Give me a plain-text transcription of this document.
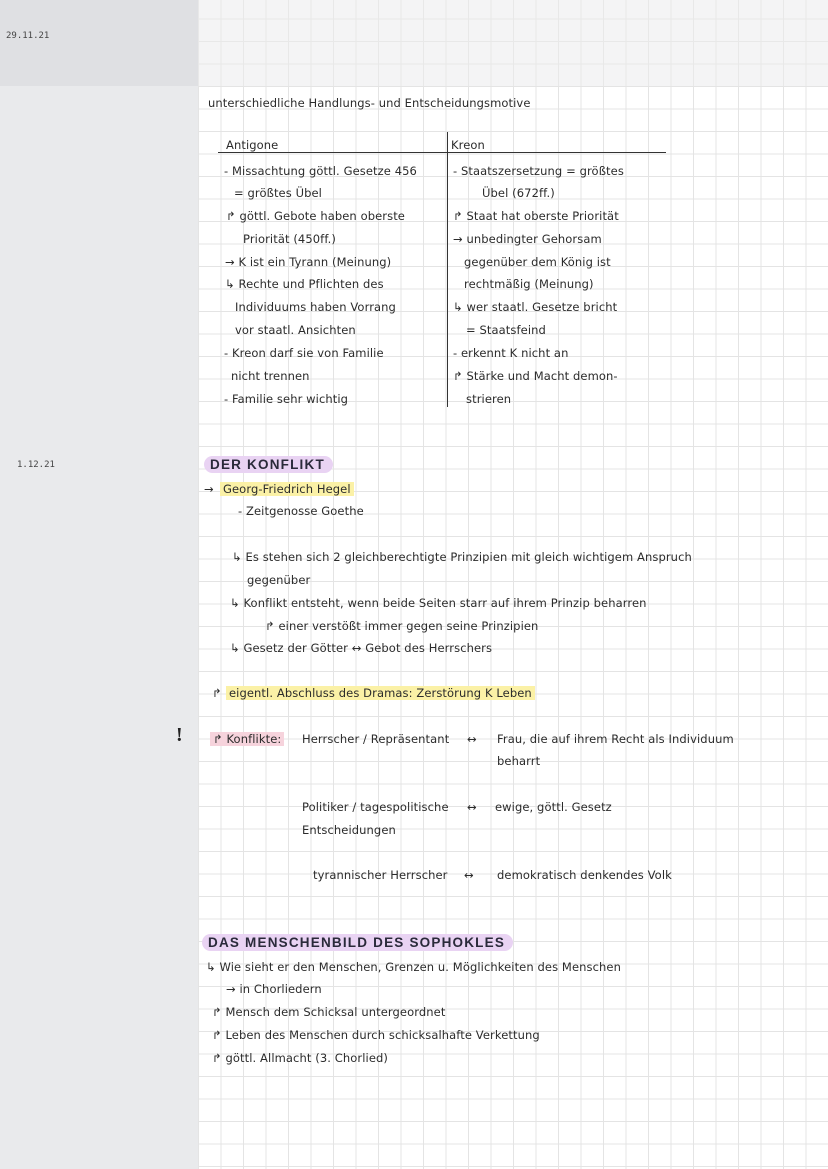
29.11.21
1.12.21
unterschiedliche Handlungs- und Entscheidungsmotive
Antigone	Kreon
- Missachtung göttl. Gesetze 456
= größtes Übel
↱ göttl. Gebote haben oberste
Priorität (450ff.)
→ K ist ein Tyrann (Meinung)
↳ Rechte und Pflichten des
Individuums haben Vorrang
vor staatl. Ansichten
- Kreon darf sie von Familie
nicht trennen
- Familie sehr wichtig
- Staatszersetzung = größtes
Übel (672ff.)
↱ Staat hat oberste Priorität
→ unbedingter Gehorsam
gegenüber dem König ist
rechtmäßig (Meinung)
↳ wer staatl. Gesetze bricht
= Staatsfeind
- erkennt K nicht an
↱ Stärke und Macht demon-
strieren
DER KONFLIKT
→ Georg-Friedrich Hegel
- Zeitgenosse Goethe
↳ Es stehen sich 2 gleichberechtigte Prinzipien mit gleich wichtigem Anspruch
gegenüber
↳ Konflikt entsteht, wenn beide Seiten starr auf ihrem Prinzip beharren
↱ einer verstößt immer gegen seine Prinzipien
↳ Gesetz der Götter ↔ Gebot des Herrschers
↱ eigentl. Abschluss des Dramas: Zerstörung K Leben
!	↱ Konflikte: Herrscher / Repräsentant ↔ Frau, die auf ihrem Recht als Individuum
beharrt
Politiker / tagespolitische
Entscheidungen
↔ ewige, göttl. Gesetz
tyrannischer Herrscher ↔ demokratisch denkendes Volk
DAS MENSCHENBILD DES SOPHOKLES
↳ Wie sieht er den Menschen, Grenzen u. Möglichkeiten des Menschen
→ in Chorliedern
↱ Mensch dem Schicksal untergeordnet
↱ Leben des Menschen durch schicksalhafte Verkettung
↱ göttl. Allmacht (3. Chorlied)
